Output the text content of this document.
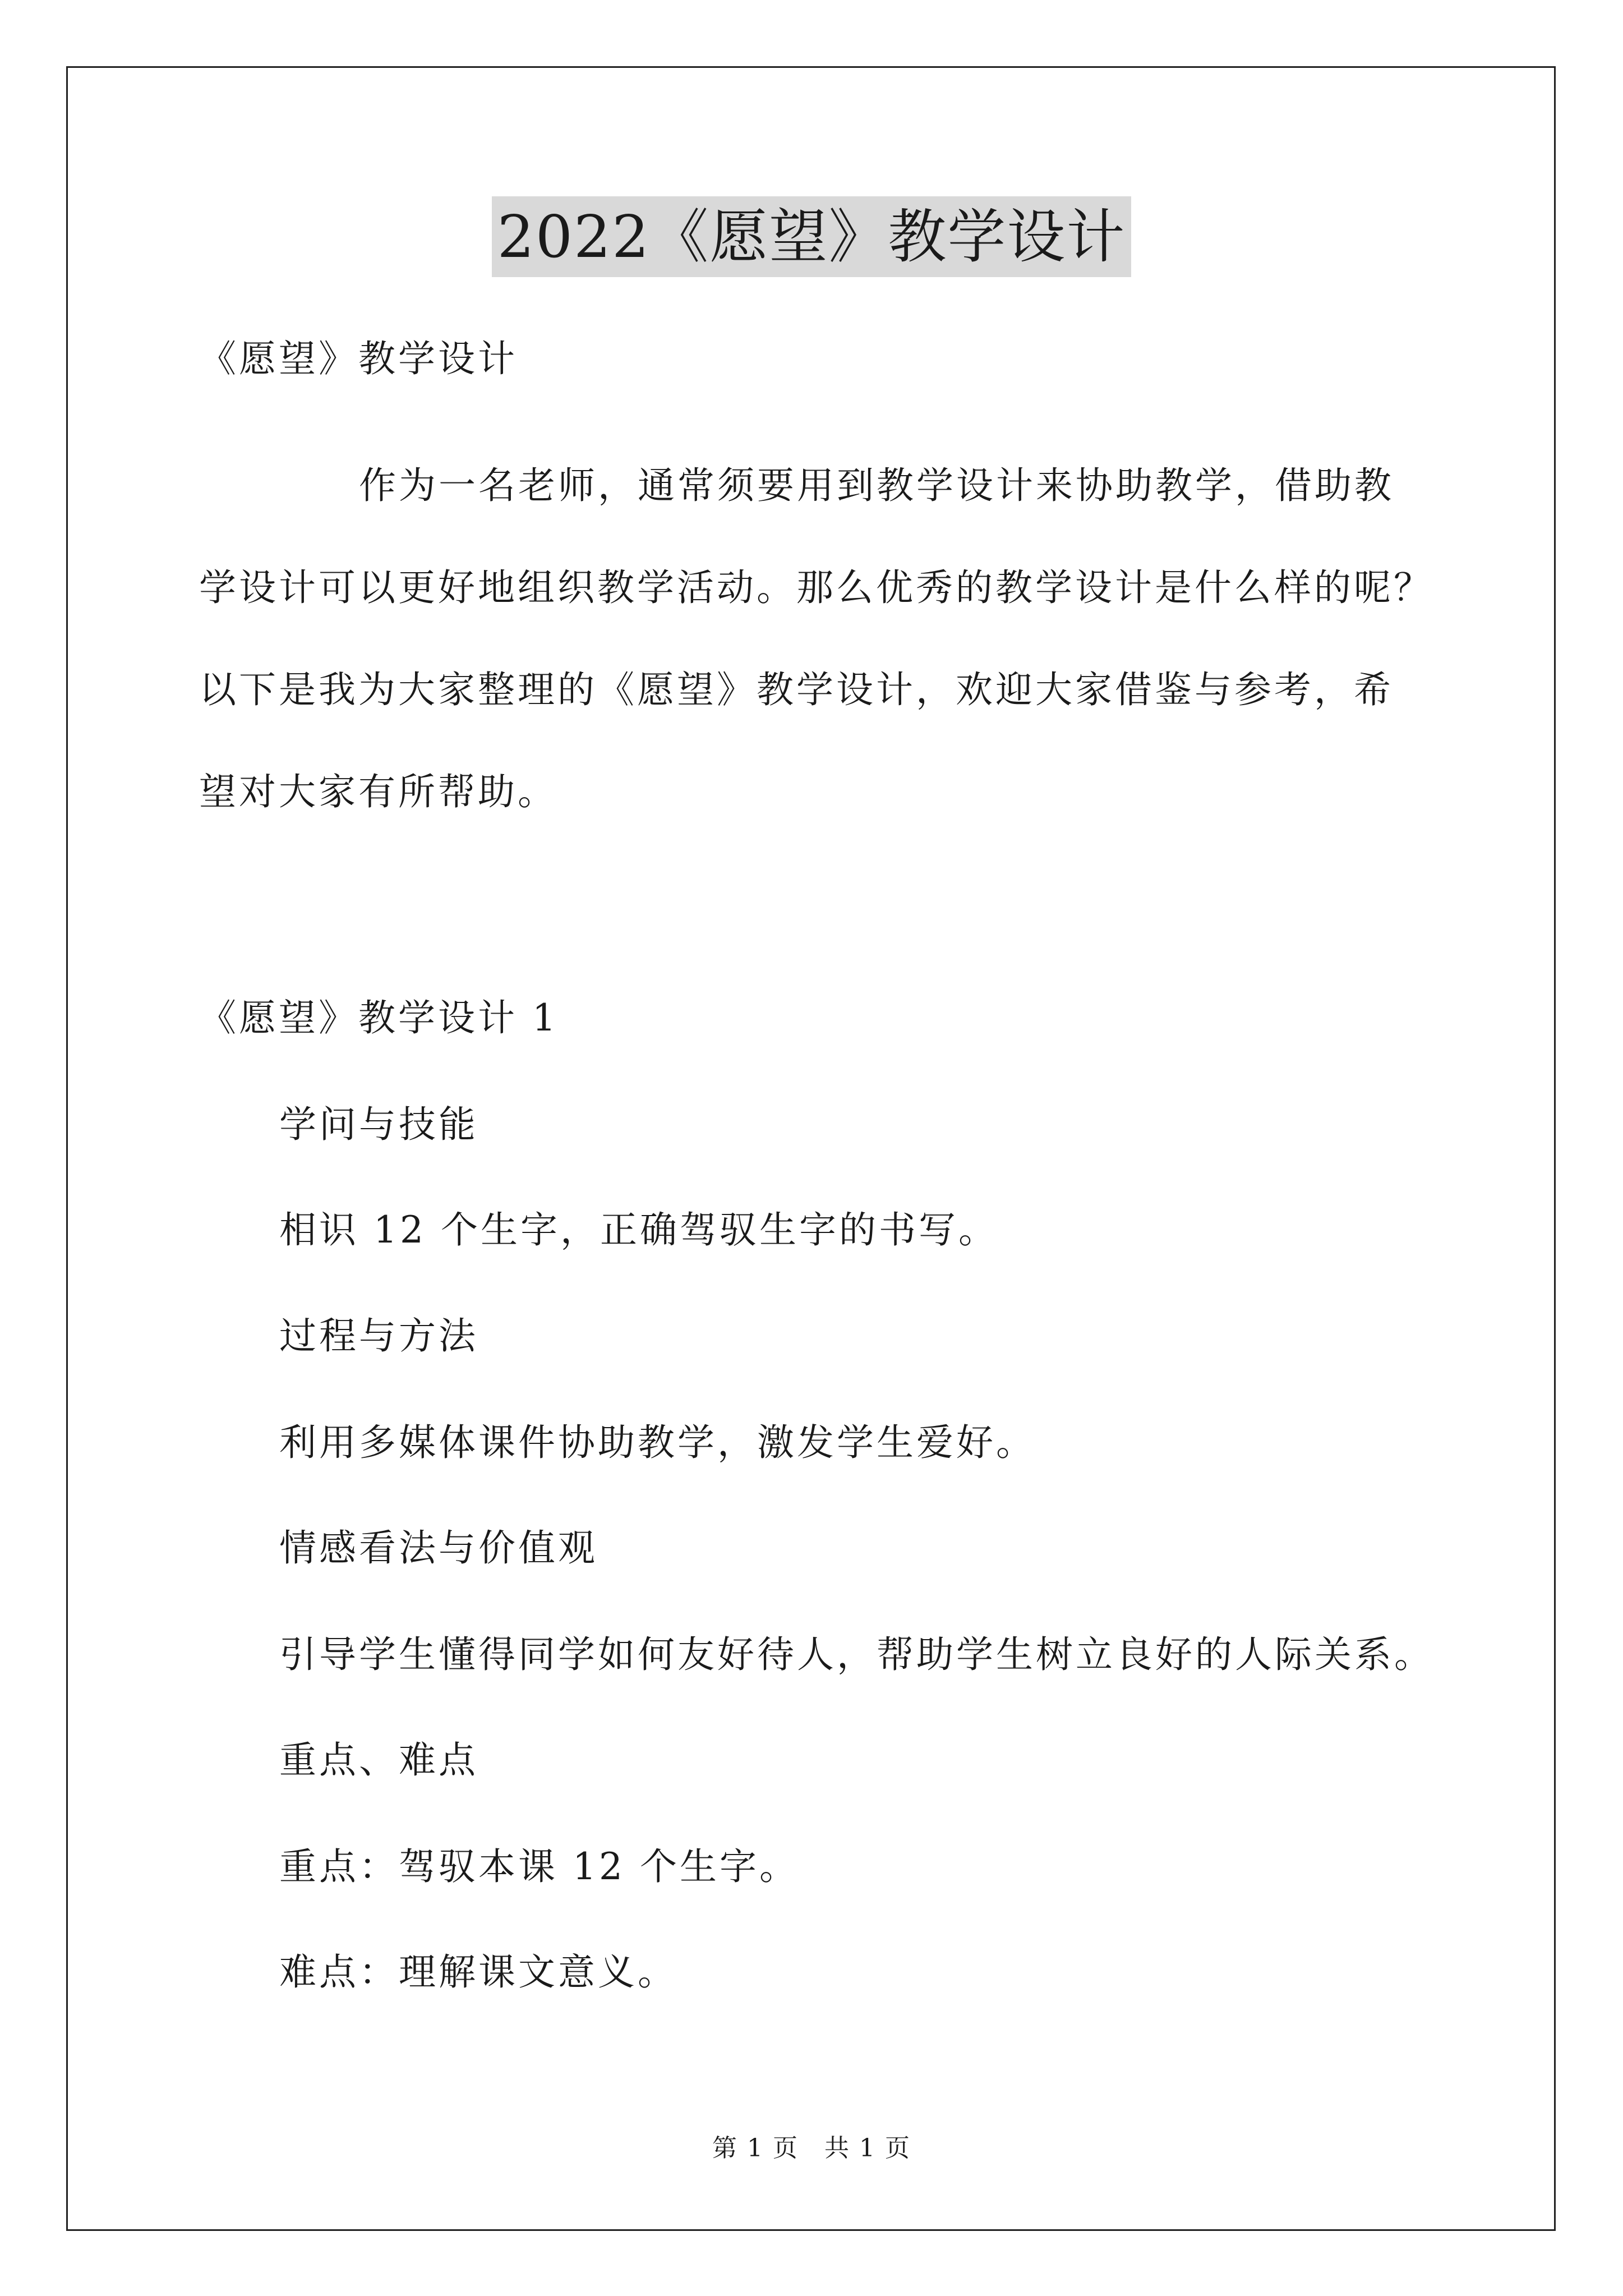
2022《愿望》教学设计
《愿望》教学设计
作为一名老师，通常须要用到教学设计来协助教学，借助教
学设计可以更好地组织教学活动。那么优秀的教学设计是什么样的呢？
以下是我为大家整理的《愿望》教学设计，欢迎大家借鉴与参考，希
望对大家有所帮助。
《愿望》教学设计 1
学问与技能
相识 12 个生字，正确驾驭生字的书写。
过程与方法
利用多媒体课件协助教学，激发学生爱好。
情感看法与价值观
引导学生懂得同学如何友好待人，帮助学生树立良好的人际关系。
重点、难点
重点：驾驭本课 12 个生字。
难点：理解课文意义。
第 1 页　共 1 页
